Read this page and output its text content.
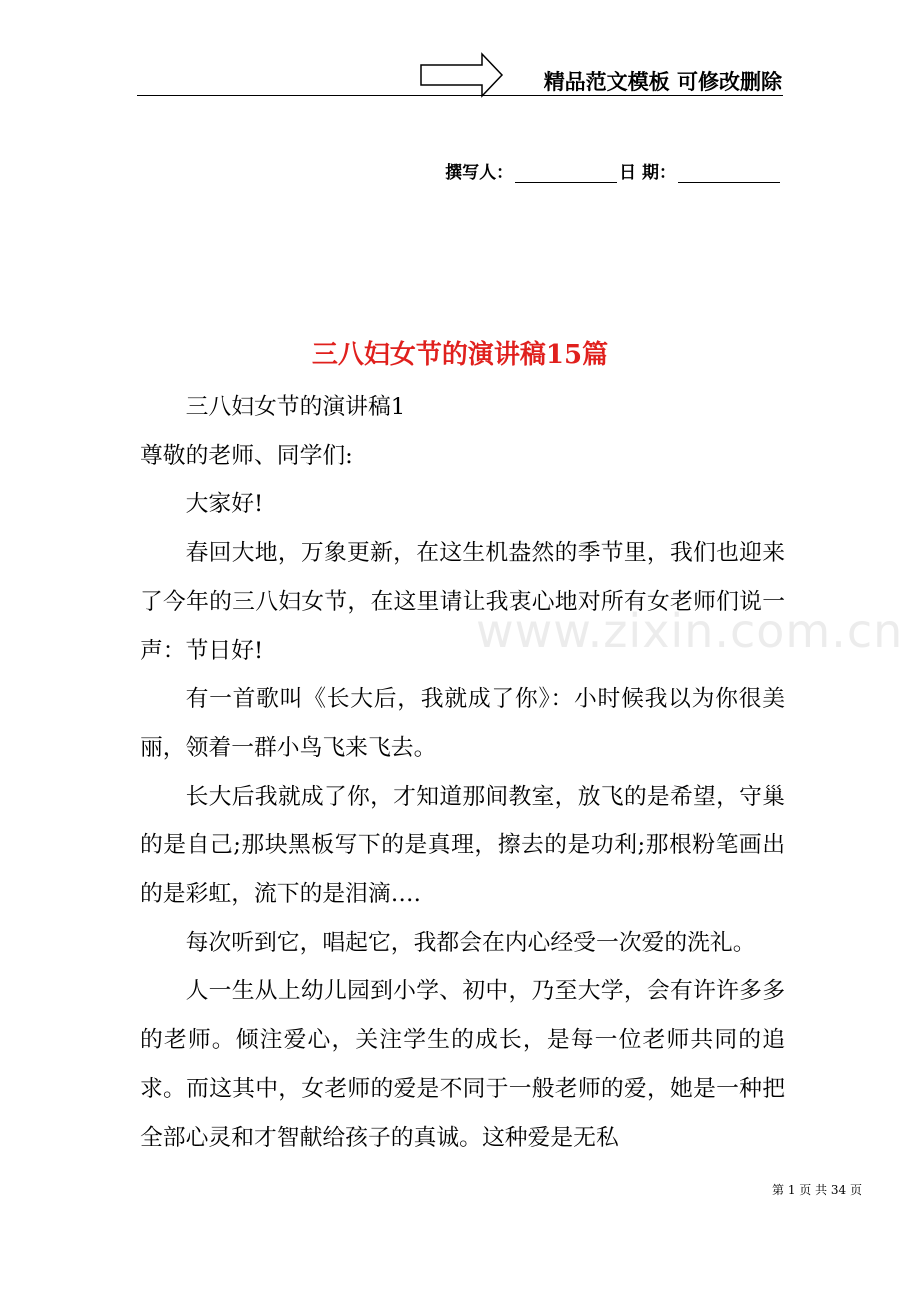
精品范文模板 可修改删除
撰写人：	日 期：
www.zixin.com.cn
三八妇女节的演讲稿15篇

三八妇女节的演讲稿1

尊敬的老师、同学们:

大家好!

春回大地，万象更新，在这生机盎然的季节里，我们也迎来了今年的三八妇女节，在这里请让我衷心地对所有女老师们说一声：节日好!

有一首歌叫《长大后，我就成了你》：小时候我以为你很美丽，领着一群小鸟飞来飞去。

长大后我就成了你，才知道那间教室，放飞的是希望，守巢的是自己;那块黑板写下的是真理，擦去的是功利;那根粉笔画出的是彩虹，流下的是泪滴….

每次听到它，唱起它，我都会在内心经受一次爱的洗礼。

人一生从上幼儿园到小学、初中，乃至大学，会有许许多多的老师。倾注爱心，关注学生的成长，是每一位老师共同的追求。而这其中，女老师的爱是不同于一般老师的爱，她是一种把全部心灵和才智献给孩子的真诚。这种爱是无私

第 1 页 共 34 页
